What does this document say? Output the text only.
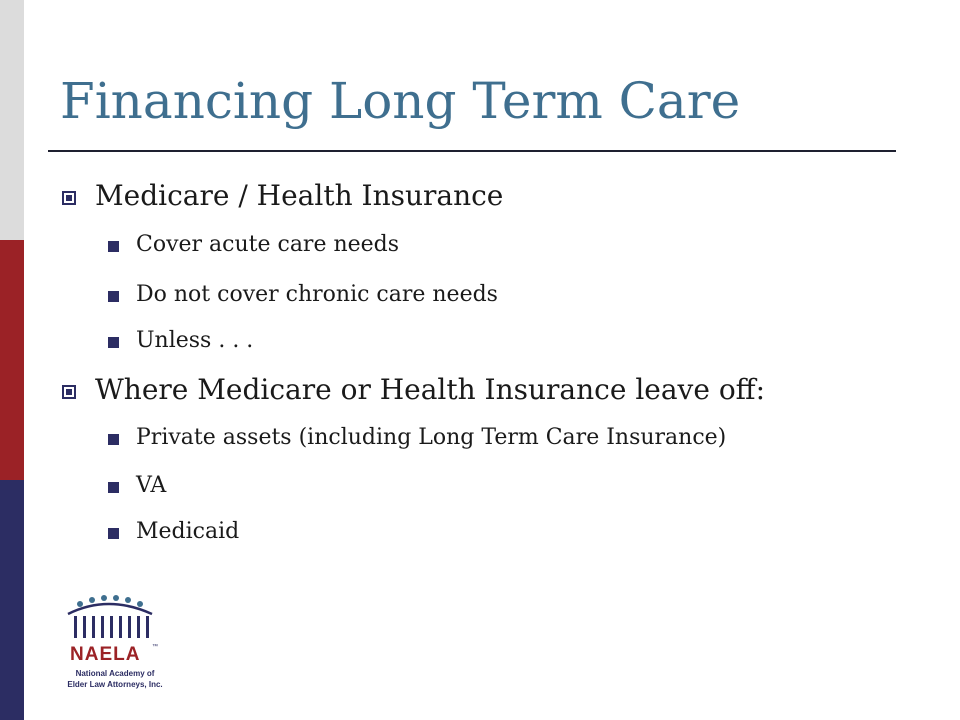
Financing Long Term Care
Medicare / Health Insurance
Cover acute care needs
Do not cover chronic care needs
Unless . . .
Where Medicare or Health Insurance leave off:
Private assets (including Long Term Care Insurance)
VA
Medicaid
NAELA ™
National Academy of
Elder Law Attorneys, Inc.
